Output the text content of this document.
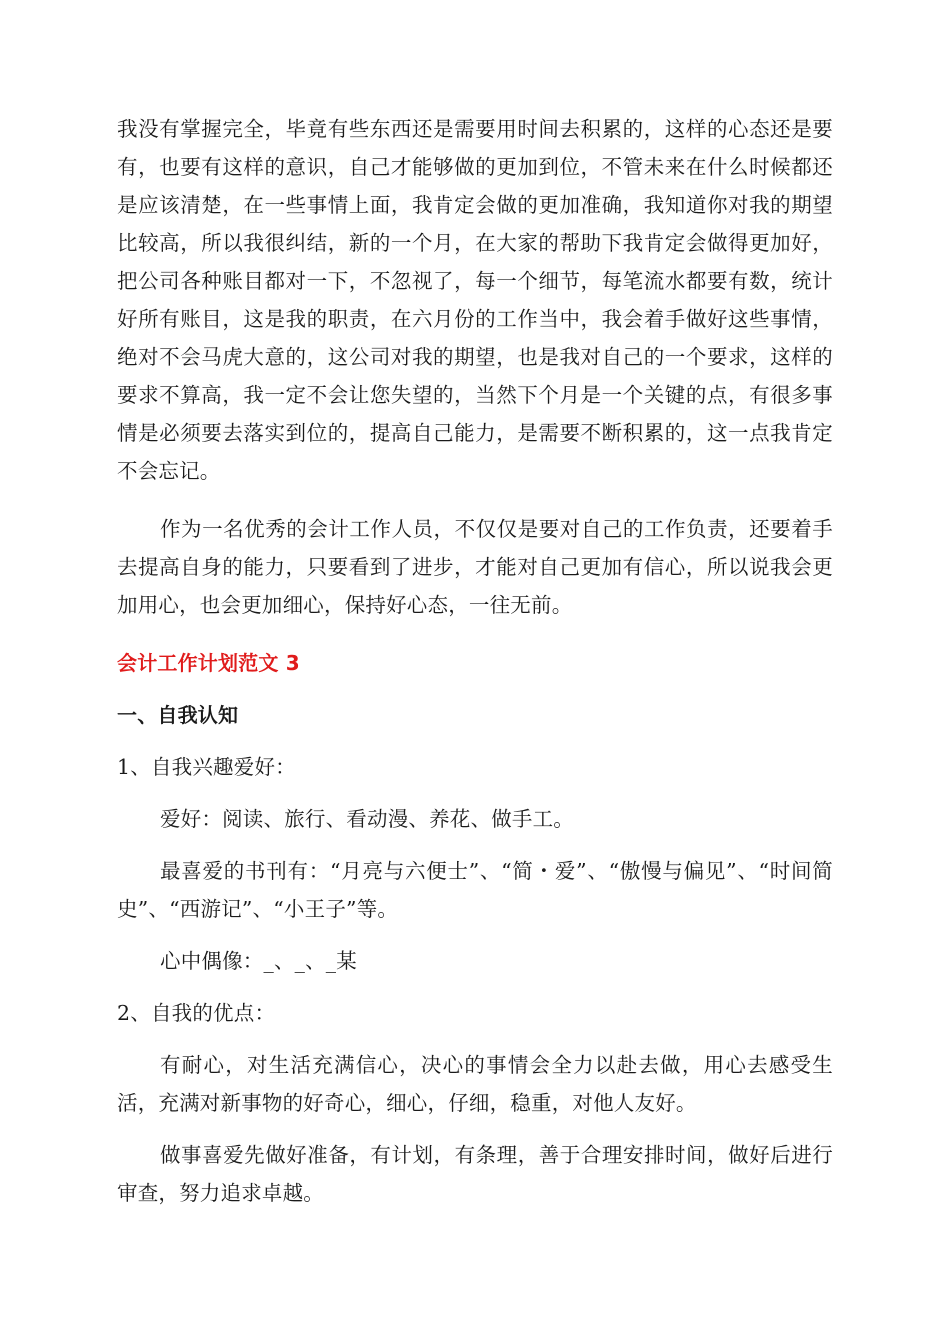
我没有掌握完全，毕竟有些东西还是需要用时间去积累的，这样的心态还是要有，也要有这样的意识，自己才能够做的更加到位，不管未来在什么时候都还是应该清楚，在一些事情上面，我肯定会做的更加准确，我知道你对我的期望比较高，所以我很纠结，新的一个月，在大家的帮助下我肯定会做得更加好，把公司各种账目都对一下，不忽视了，每一个细节，每笔流水都要有数，统计好所有账目，这是我的职责，在六月份的工作当中，我会着手做好这些事情，绝对不会马虎大意的，这公司对我的期望，也是我对自己的一个要求，这样的要求不算高，我一定不会让您失望的，当然下个月是一个关键的点，有很多事情是必须要去落实到位的，提高自己能力，是需要不断积累的，这一点我肯定不会忘记。

作为一名优秀的会计工作人员，不仅仅是要对自己的工作负责，还要着手去提高自身的能力，只要看到了进步，才能对自己更加有信心，所以说我会更加用心，也会更加细心，保持好心态，一往无前。

会计工作计划范文 3

一、自我认知

1、自我兴趣爱好：

爱好：阅读、旅行、看动漫、养花、做手工。

最喜爱的书刊有：“月亮与六便士”、“简・爱”、“傲慢与偏见”、“时间简史”、“西游记”、“小王子”等。

心中偶像：_、_、_某

2、自我的优点：

有耐心，对生活充满信心，决心的事情会全力以赴去做，用心去感受生活，充满对新事物的好奇心，细心，仔细，稳重，对他人友好。

做事喜爱先做好准备，有计划，有条理，善于合理安排时间，做好后进行审查，努力追求卓越。
